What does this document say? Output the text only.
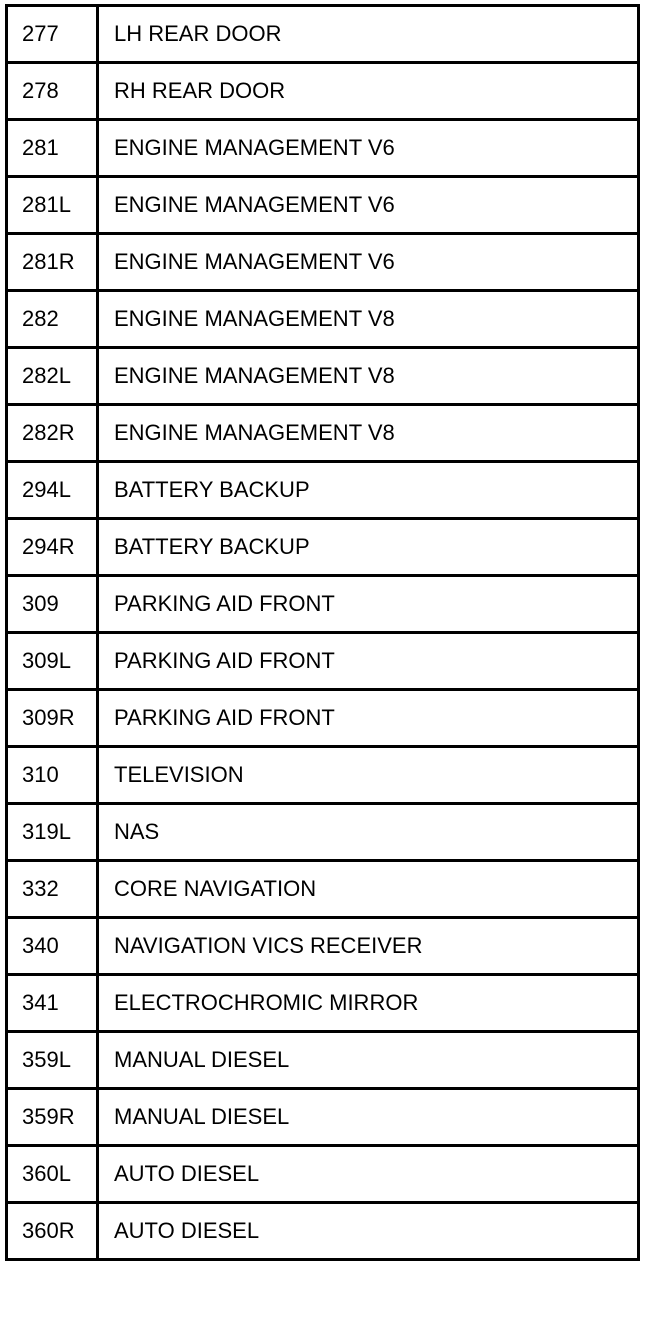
277	LH REAR DOOR
278	RH REAR DOOR
281	ENGINE MANAGEMENT V6
281L	ENGINE MANAGEMENT V6
281R	ENGINE MANAGEMENT V6
282	ENGINE MANAGEMENT V8
282L	ENGINE MANAGEMENT V8
282R	ENGINE MANAGEMENT V8
294L	BATTERY BACKUP
294R	BATTERY BACKUP
309	PARKING AID FRONT
309L	PARKING AID FRONT
309R	PARKING AID FRONT
310	TELEVISION
319L	NAS
332	CORE NAVIGATION
340	NAVIGATION VICS RECEIVER
341	ELECTROCHROMIC MIRROR
359L	MANUAL DIESEL
359R	MANUAL DIESEL
360L	AUTO DIESEL
360R	AUTO DIESEL
